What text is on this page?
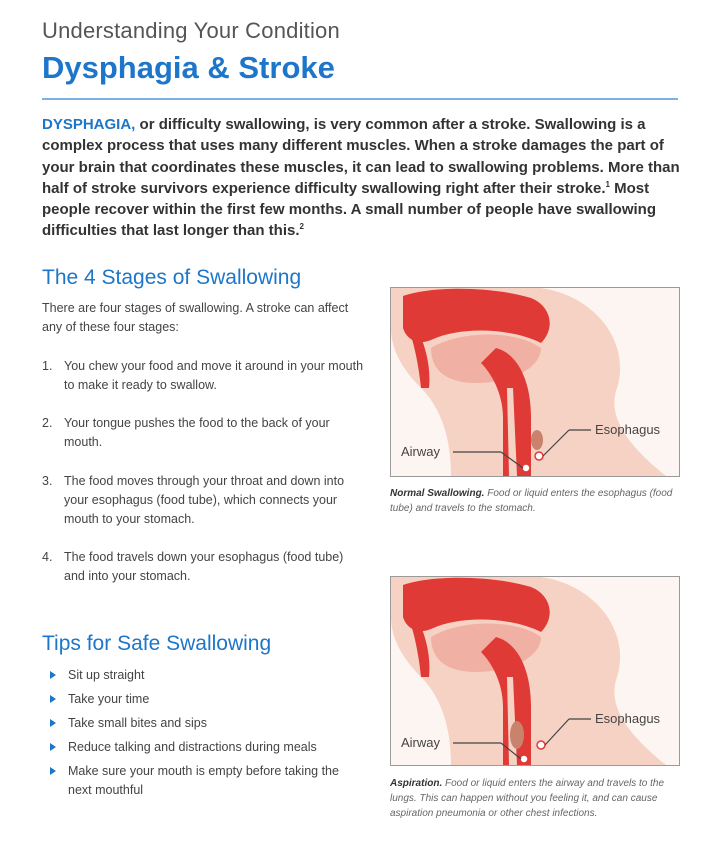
Understanding Your Condition
Dysphagia & Stroke
DYSPHAGIA, or difficulty swallowing, is very common after a stroke. Swallowing is a complex process that uses many different muscles. When a stroke damages the part of your brain that coordinates these muscles, it can lead to swallowing problems. More than half of stroke survivors experience difficulty swallowing right after their stroke.$^1$ Most people recover within the first few months. A small number of people have swallowing difficulties that last longer than this.$^2$
The 4 Stages of Swallowing
There are four stages of swallowing. A stroke can affect any of these four stages:
1. You chew your food and move it around in your mouth to make it ready to swallow.
2. Your tongue pushes the food to the back of your mouth.
3. The food moves through your throat and down into your esophagus (food tube), which connects your mouth to your stomach.
4. The food travels down your esophagus (food tube) and into your stomach.
Tips for Safe Swallowing
Sit up straight
Take your time
Take small bites and sips
Reduce talking and distractions during meals
Make sure your mouth is empty before taking the next mouthful
Esophagus
Airway
Normal Swallowing. Food or liquid enters the esophagus (food tube) and travels to the stomach.
Esophagus
Airway
Aspiration. Food or liquid enters the airway and travels to the lungs. This can happen without you feeling it, and can cause aspiration pneumonia or other chest infections.
